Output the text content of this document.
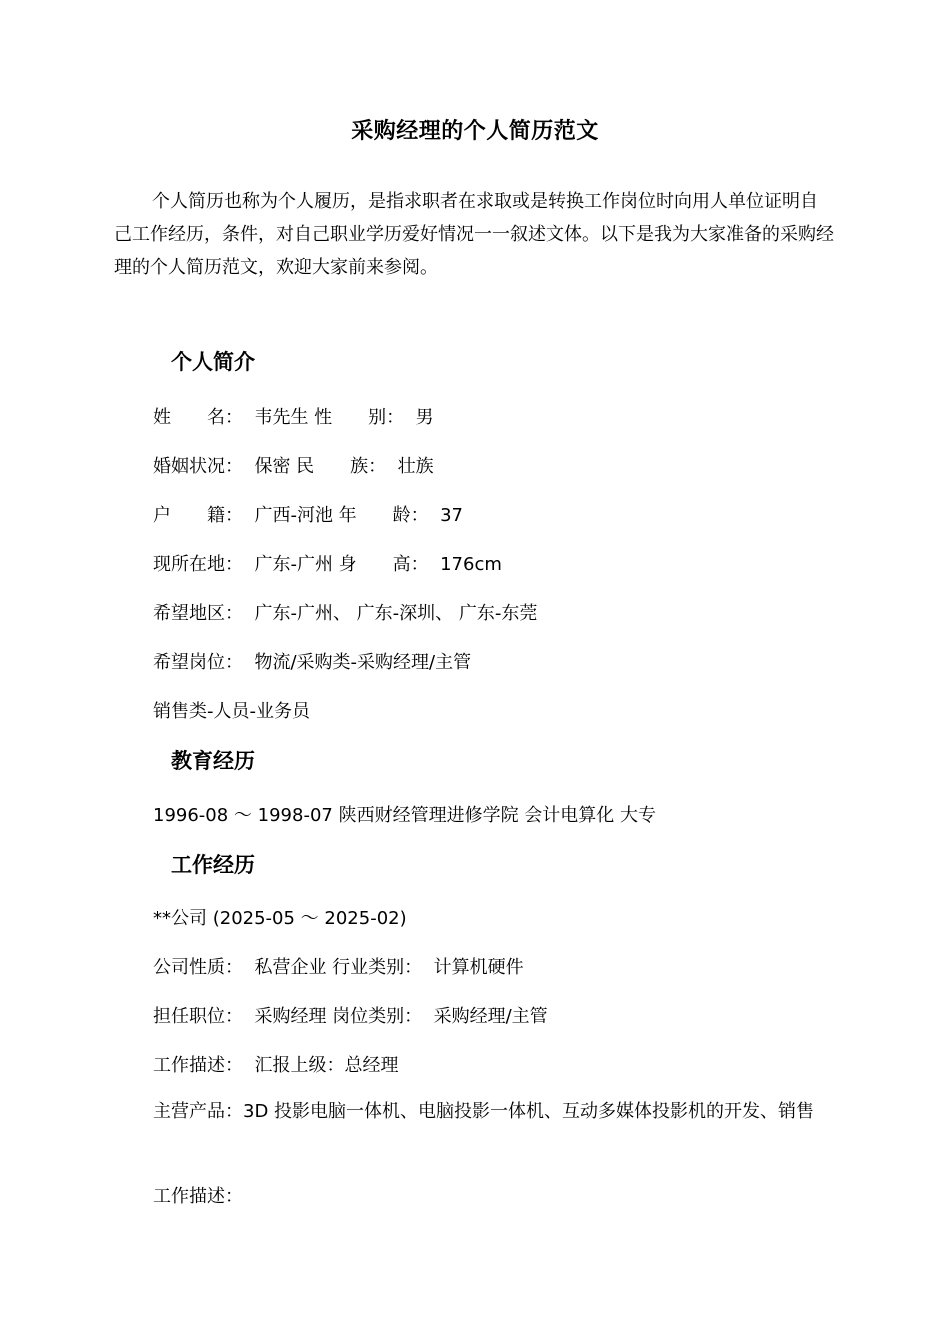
采购经理的个人简历范文

个人简历也称为个人履历，是指求职者在求取或是转换工作岗位时向用人单位证明自己工作经历，条件，对自己职业学历爱好情况一一叙述文体。以下是我为大家准备的采购经理的个人简历范文，欢迎大家前来参阅。

个人简介
姓　　名：  韦先生 性　　别：  男
婚姻状况：  保密 民　　族：  壮族
户　　籍：  广西-河池 年　　龄：  37
现所在地：  广东-广州 身　　高：  176cm
希望地区：  广东-广州、 广东-深圳、 广东-东莞
希望岗位：  物流/采购类-采购经理/主管
销售类-人员-业务员
教育经历
1996-08 ～ 1998-07 陕西财经管理进修学院 会计电算化 大专
工作经历
**公司 (2025-05 ～ 2025-02)
公司性质：  私营企业 行业类别：  计算机硬件
担任职位：  采购经理 岗位类别：  采购经理/主管
工作描述：  汇报上级：总经理

主营产品：3D 投影电脑一体机、电脑投影一体机、互动多媒体投影机的开发、销售

工作描述：
